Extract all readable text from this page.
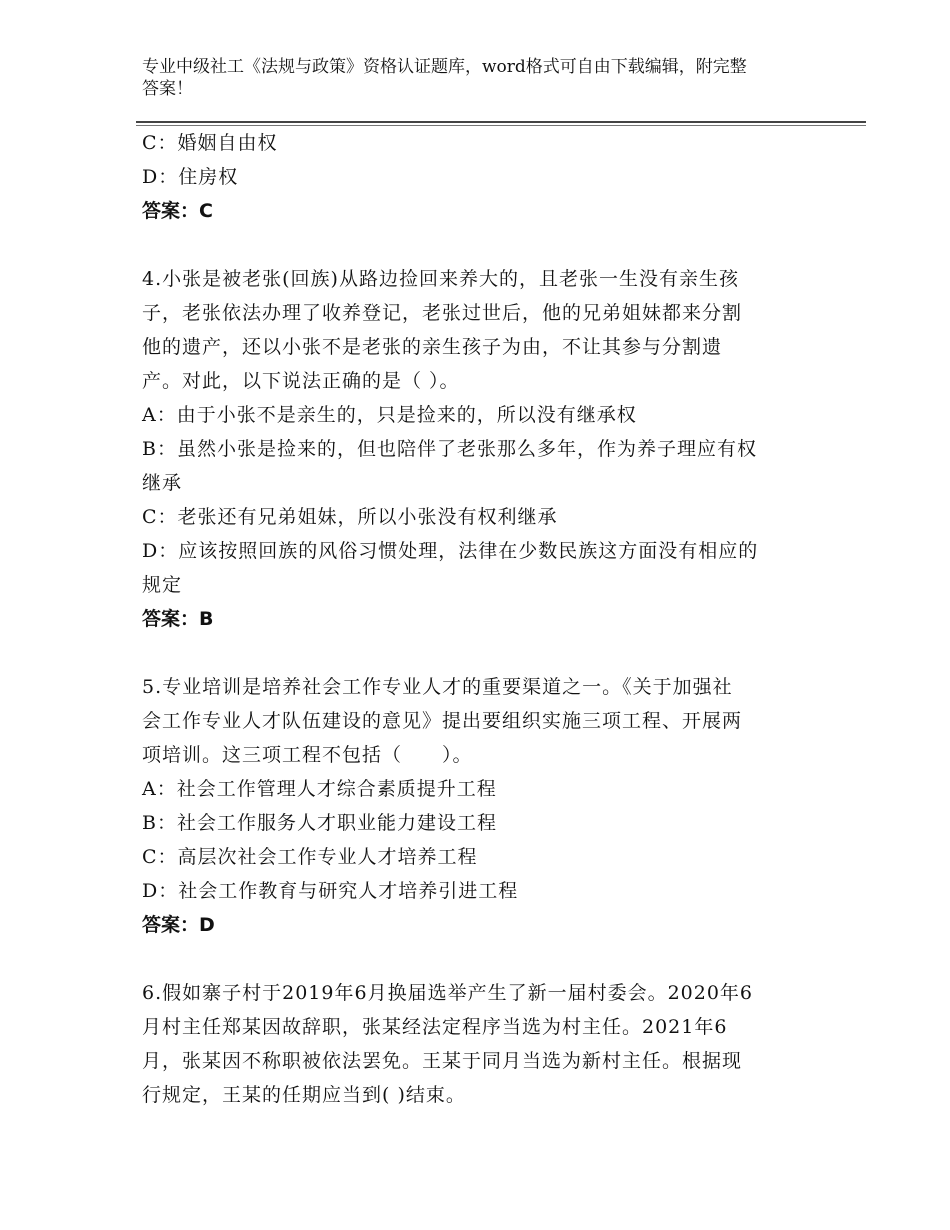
专业中级社工《法规与政策》资格认证题库，word格式可自由下载编辑，附完整
答案！
C：婚姻自由权
D：住房权
答案：C
4.小张是被老张(回族)从路边捡回来养大的，且老张一生没有亲生孩
子，老张依法办理了收养登记，老张过世后，他的兄弟姐妹都来分割
他的遗产，还以小张不是老张的亲生孩子为由，不让其参与分割遗
产。对此，以下说法正确的是（ ）。
A：由于小张不是亲生的，只是捡来的，所以没有继承权
B：虽然小张是捡来的，但也陪伴了老张那么多年，作为养子理应有权
继承
C：老张还有兄弟姐妹，所以小张没有权利继承
D：应该按照回族的风俗习惯处理，法律在少数民族这方面没有相应的
规定
答案：B
5.专业培训是培养社会工作专业人才的重要渠道之一。《关于加强社
会工作专业人才队伍建设的意见》提出要组织实施三项工程、开展两
项培训。这三项工程不包括（　　）。
A：社会工作管理人才综合素质提升工程
B：社会工作服务人才职业能力建设工程
C：高层次社会工作专业人才培养工程
D：社会工作教育与研究人才培养引进工程
答案：D
6.假如寨子村于2019年6月换届选举产生了新一届村委会。2020年6
月村主任郑某因故辞职，张某经法定程序当选为村主任。2021年6
月，张某因不称职被依法罢免。王某于同月当选为新村主任。根据现
行规定，王某的任期应当到( )结束。
